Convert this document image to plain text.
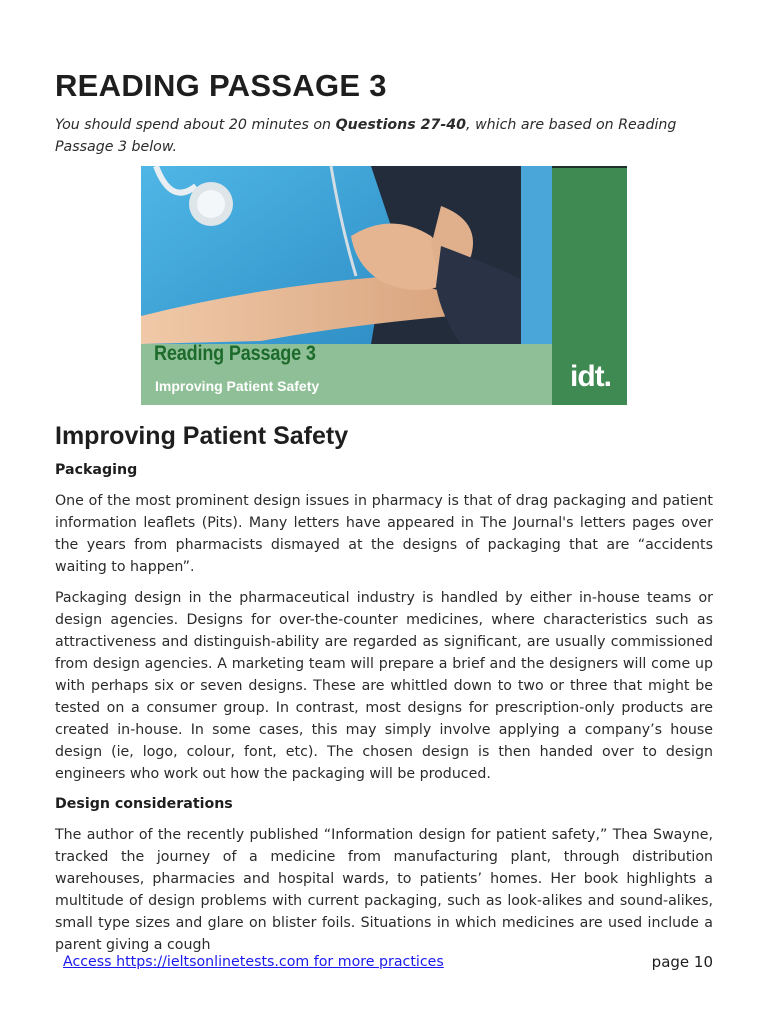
READING PASSAGE 3

You should spend about 20 minutes on Questions 27-40, which are based on Reading Passage 3 below.

Reading Passage 3
Improving Patient Safety	idt.
Improving Patient Safety
Packaging

One of the most prominent design issues in pharmacy is that of drag packaging and patient information leaflets (Pits). Many letters have appeared in The Journal's letters pages over the years from pharmacists dismayed at the designs of packaging that are “accidents waiting to happen”.

Packaging design in the pharmaceutical industry is handled by either in-house teams or design agencies. Designs for over-the-counter medicines, where characteristics such as attractiveness and distinguish-ability are regarded as significant, are usually commissioned from design agencies. A marketing team will prepare a brief and the designers will come up with perhaps six or seven designs. These are whittled down to two or three that might be tested on a consumer group. In contrast, most designs for prescription-only products are created in-house. In some cases, this may simply involve applying a company’s house design (ie, logo, colour, font, etc). The chosen design is then handed over to design engineers who work out how the packaging will be produced.

Design considerations

The author of the recently published “Information design for patient safety,” Thea Swayne, tracked the journey of a medicine from manufacturing plant, through distribution warehouses, pharmacies and hospital wards, to patients’ homes. Her book highlights a multitude of design problems with current packaging, such as look-alikes and sound-alikes, small type sizes and glare on blister foils. Situations in which medicines are used include a parent giving a cough

Access https://ieltsonlinetests.com for more practices	page 10
